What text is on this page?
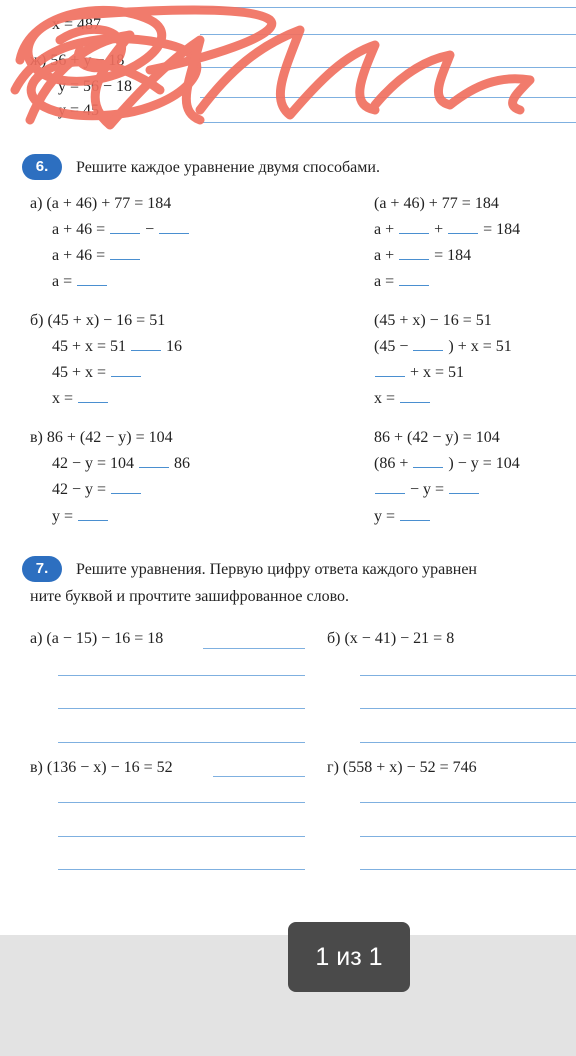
x = 487
ж) 56 + y − 18
y = 56 − 18
y = 45
6.	Решите каждое уравнение двумя способами.
а) (a + 46) + 77 = 184
a + 46 =	−
a + 46 =
a =
(a + 46) + 77 = 184
a +	+	= 184
a +	= 184
a =
б) (45 + x) − 16 = 51
45 + x = 51	16
45 + x =
x =
(45 + x) − 16 = 51
(45 −	) + x = 51
+ x = 51
x =
в) 86 + (42 − y) = 104
42 − y = 104	86
42 − y =
y =
86 + (42 − y) = 104
(86 +	) − y = 104
− y =
y =
7.	Решите уравнения. Первую цифру ответа каждого уравнен
ните буквой и прочтите зашифрованное слово.
а) (a − 15) − 16 = 18	б) (x − 41) − 21 = 8
в) (136 − x) − 16 = 52	г) (558 + x) − 52 = 746
1 из 1
